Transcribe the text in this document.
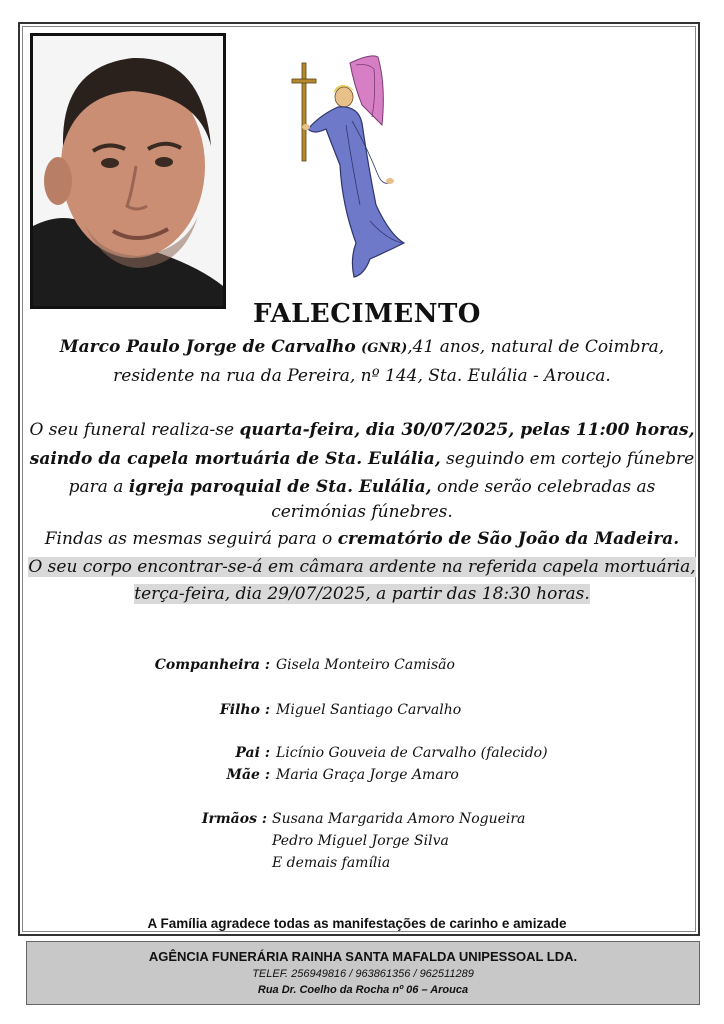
FALECIMENTO
Marco Paulo Jorge de Carvalho (GNR),41 anos, natural de Coimbra,
residente na rua da Pereira, nº 144, Sta. Eulália - Arouca.
O seu funeral realiza-se quarta-feira, dia 30/07/2025, pelas 11:00 horas,
saindo da capela mortuária de Sta. Eulália, seguindo em cortejo fúnebre
para a igreja paroquial de Sta. Eulália, onde serão celebradas as
cerimónias fúnebres.
Findas as mesmas seguirá para o crematório de São João da Madeira.
O seu corpo encontrar-se-á em câmara ardente na referida capela mortuária,
terça-feira, dia 29/07/2025, a partir das 18:30 horas.
Companheira : Gisela Monteiro Camisão
Filho : Miguel Santiago Carvalho
Pai : Licínio Gouveia de Carvalho (falecido)
Mãe : Maria Graça Jorge Amaro
Irmãos : Susana Margarida Amoro Nogueira
Pedro Miguel Jorge Silva
E demais família
A Família agradece todas as manifestações de carinho e amizade
AGÊNCIA FUNERÁRIA RAINHA SANTA MAFALDA UNIPESSOAL LDA.
TELEF. 256949816 / 963861356 / 962511289
Rua Dr. Coelho da Rocha nº 06 – Arouca
